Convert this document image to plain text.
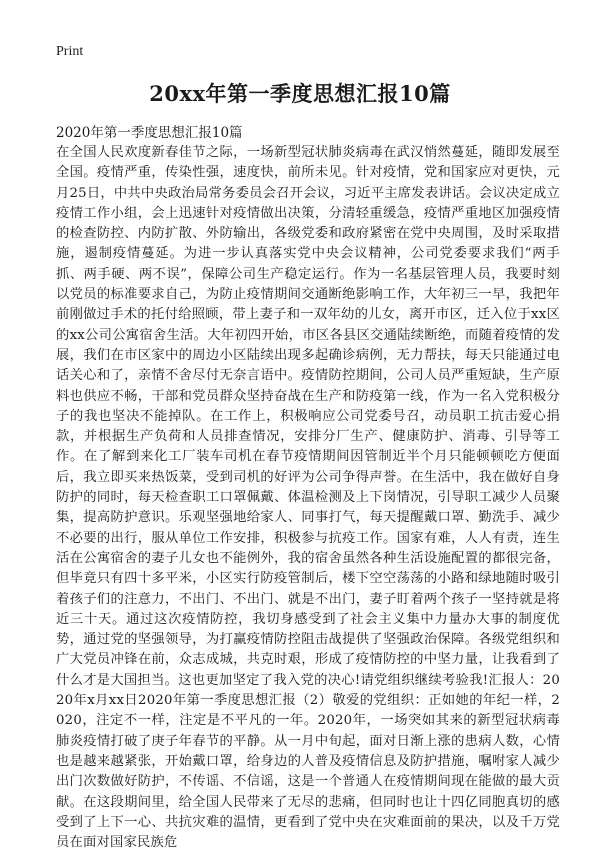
Print
20xx年第一季度思想汇报10篇
2020年第一季度思想汇报10篇

在全国人民欢度新春佳节之际，一场新型冠状肺炎病毒在武汉悄然蔓延，随即发展至全国。疫情严重，传染性强，速度快，前所未见。针对疫情，党和国家应对更快，元月25日，中共中央政治局常务委员会召开会议，习近平主席发表讲话。会议决定成立疫情工作小组，会上迅速针对疫情做出决策，分清轻重缓急，疫情严重地区加强疫情的检查防控、内防扩散、外防输出，各级党委和政府紧密在党中央周围，及时采取措施，遏制疫情蔓延。为进一步认真落实党中央会议精神，公司党委要求我们“两手抓、两手硬、两不误”，保障公司生产稳定运行。作为一名基层管理人员，我要时刻以党员的标准要求自己，为防止疫情期间交通断绝影响工作，大年初三一早，我把年前刚做过手术的托付给照顾，带上妻子和一双年幼的儿女，离开市区，迁入位于xx区的xx公司公寓宿舍生活。大年初四开始，市区各县区交通陆续断绝，而随着疫情的发展，我们在市区家中的周边小区陆续出现多起确诊病例，无力帮扶，每天只能通过电话关心和了，亲情不舍尽付无奈言语中。疫情防控期间，公司人员严重短缺，生产原料也供应不畅，干部和党员群众坚持奋战在生产和防疫第一线，作为一名入党积极分子的我也坚决不能掉队。在工作上，积极响应公司党委号召，动员职工抗击爱心捐款，并根据生产负荷和人员排查情况，安排分厂生产、健康防护、消毒、引导等工作。在了解到来化工厂装车司机在春节疫情期间因管制近半个月只能顿顿吃方便面后，我立即买来热饭菜，受到司机的好评为公司争得声誉。在生活中，我在做好自身防护的同时，每天检查职工口罩佩戴、体温检测及上下岗情况，引导职工减少人员聚集，提高防护意识。乐观坚强地给家人、同事打气，每天提醒戴口罩、勤洗手、减少不必要的出行，服从单位工作安排，积极参与抗疫工作。国家有难，人人有责，连生活在公寓宿舍的妻子儿女也不能例外，我的宿舍虽然各种生活设施配置的都很完备，但毕竟只有四十多平米，小区实行防疫管制后，楼下空空荡荡的小路和绿地随时吸引着孩子们的注意力，不出门、不出门、就是不出门，妻子盯着两个孩子一坚持就是将近三十天。通过这次疫情防控，我切身感受到了社会主义集中力量办大事的制度优势，通过党的坚强领导，为打赢疫情防控阻击战提供了坚强政治保障。各级党组织和广大党员冲锋在前，众志成城，共克时艰，形成了疫情防控的中坚力量，让我看到了什么才是大国担当。这也更加坚定了我入党的决心!请党组织继续考验我!汇报人：2020年x月xx日2020年第一季度思想汇报（2）敬爱的党组织：正如她的年纪一样，2020，注定不一样，注定是不平凡的一年。2020年，一场突如其来的新型冠状病毒肺炎疫情打破了庚子年春节的平静。从一月中旬起，面对日渐上涨的患病人数，心情也是越来越紧张，开始戴口罩，给身边的人普及疫情信息及防护措施，嘱咐家人减少出门次数做好防护，不传谣、不信谣，这是一个普通人在疫情期间现在能做的最大贡献。在这段期间里，给全国人民带来了无尽的悲痛，但同时也让十四亿同胞真切的感受到了上下一心、共抗灾难的温情，更看到了党中央在灾难面前的果决，以及千万党员在面对国家民族危
